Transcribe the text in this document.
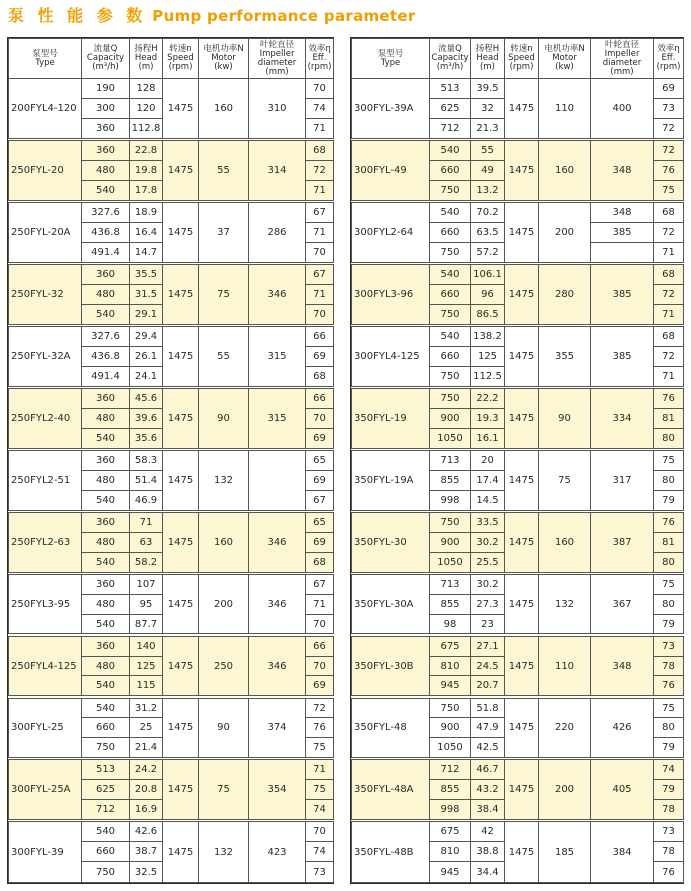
泵 性 能 参 数 Pump performance parameter
泵型号
Type	流量Q
Capacity
(m³/h)	扬程H
Head
(m)	转速n
Speed
(rpm)	电机功率N
Motor
(kw)	叶轮直径
Impeller
diameter
(mm)	效率η
Eff.
(rpm)

200FYL4-120	190	128	1475	160	310	70
	300	120				74
	360	112.8				71

250FYL-20	360	22.8	1475	55	314	68
	480	19.8				72
	540	17.8				71

250FYL-20A	327.6	18.9	1475	37	286	67
	436.8	16.4				71
	491.4	14.7				70

250FYL-32	360	35.5	1475	75	346	67
	480	31.5				71
	540	29.1				70

250FYL-32A	327.6	29.4	1475	55	315	66
	436.8	26.1				69
	491.4	24.1				68

250FYL2-40	360	45.6	1475	90	315	66
	480	39.6				70
	540	35.6				69

250FYL2-51	360	58.3	1475	132		65
	480	51.4				69
	540	46.9				67

250FYL2-63	360	71	1475	160	346	65
	480	63				69
	540	58.2				68

250FYL3-95	360	107	1475	200	346	67
	480	95				71
	540	87.7				70

250FYL4-125	360	140	1475	250	346	66
	480	125				70
	540	115				69

300FYL-25	540	31.2	1475	90	374	72
	660	25				76
	750	21.4				75

300FYL-25A	513	24.2	1475	75	354	71
	625	20.8				75
	712	16.9				74

300FYL-39	540	42.6	1475	132	423	70
	660	38.7				74
	750	32.5				73
泵型号
Type	流量Q
Capacity
(m³/h)	扬程H
Head
(m)	转速n
Speed
(rpm)	电机功率N
Motor
(kw)	叶轮直径
Impeller
diameter
(mm)	效率η
Eff.
(rpm)

300FYL-39A	513	39.5	1475	110	400	69
	625	32				73
	712	21.3				72

300FYL-49	540	55	1475	160	348	72
	660	49				76
	750	13.2				75

300FYL2-64	540	70.2	1475	200	348	68
	660	63.5			385	72
	750	57.2				71

300FYL3-96	540	106.1	1475	280	385	68
	660	96				72
	750	86.5				71

300FYL4-125	540	138.2	1475	355	385	68
	660	125				72
	750	112.5				71

350FYL-19	750	22.2	1475	90	334	76
	900	19.3				81
	1050	16.1				80

350FYL-19A	713	20	1475	75	317	75
	855	17.4				80
	998	14.5				79

350FYL-30	750	33.5	1475	160	387	76
	900	30.2				81
	1050	25.5				80

350FYL-30A	713	30.2	1475	132	367	75
	855	27.3				80
	98	23				79

350FYL-30B	675	27.1	1475	110	348	73
	810	24.5				78
	945	20.7				76

350FYL-48	750	51.8	1475	220	426	75
	900	47.9				80
	1050	42.5				79

350FYL-48A	712	46.7	1475	200	405	74
	855	43.2				79
	998	38.4				78

350FYL-48B	675	42	1475	185	384	73
	810	38.8				78
	945	34.4				76
